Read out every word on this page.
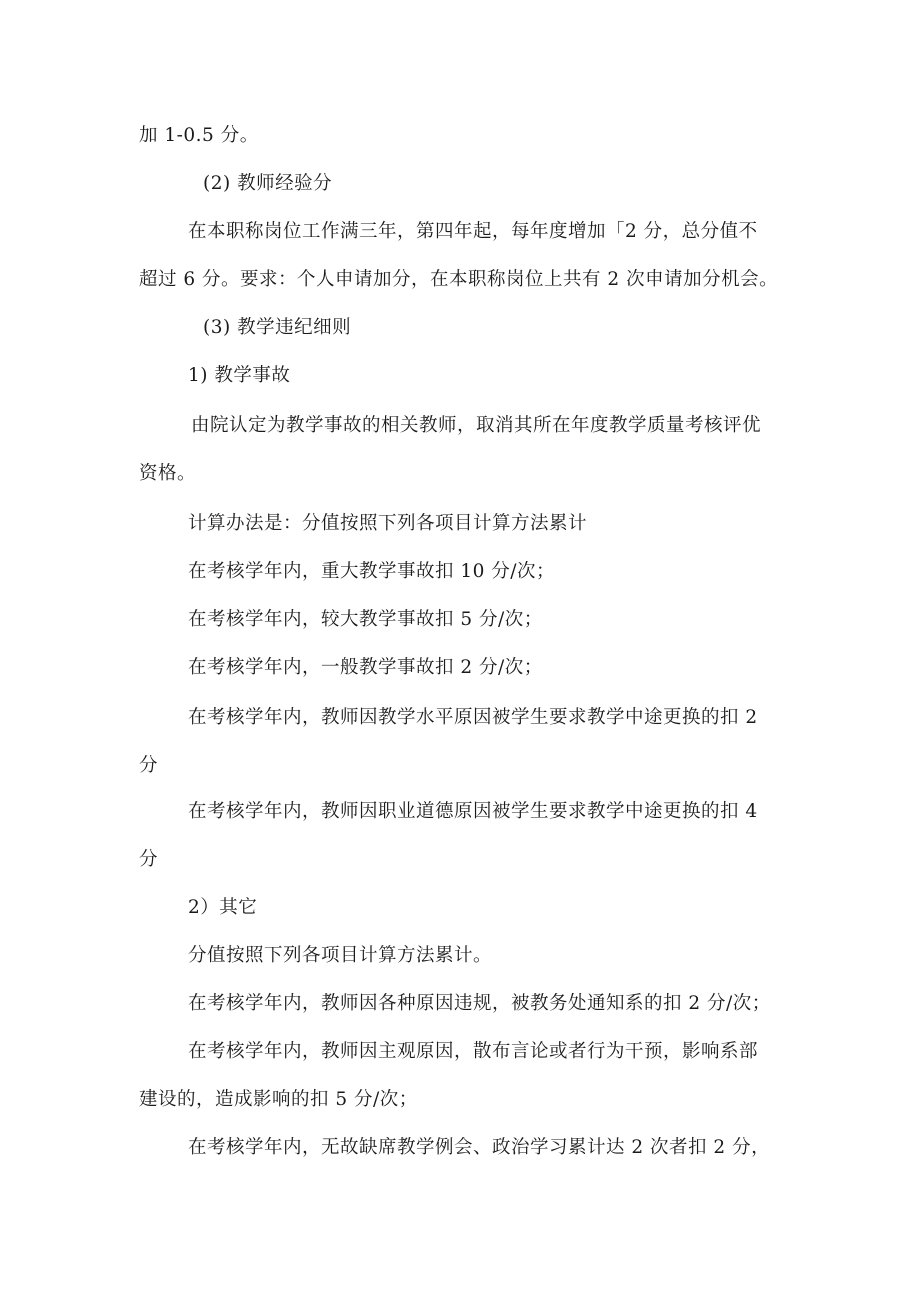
加 1-0.5 分。
(2) 教师经验分
在本职称岗位工作满三年，第四年起，每年度增加「2 分，总分值不
超过 6 分。要求：个人申请加分，在本职称岗位上共有 2 次申请加分机会。
(3) 教学违纪细则
1) 教学事故
由院认定为教学事故的相关教师，取消其所在年度教学质量考核评优
资格。
计算办法是：分值按照下列各项目计算方法累计
在考核学年内，重大教学事故扣 10 分/次；
在考核学年内，较大教学事故扣 5 分/次；
在考核学年内，一般教学事故扣 2 分/次；
在考核学年内，教师因教学水平原因被学生要求教学中途更换的扣 2
分
在考核学年内，教师因职业道德原因被学生要求教学中途更换的扣 4
分
2）其它
分值按照下列各项目计算方法累计。
在考核学年内，教师因各种原因违规，被教务处通知系的扣 2 分/次；
在考核学年内，教师因主观原因，散布言论或者行为干预，影响系部
建设的，造成影响的扣 5 分/次；
在考核学年内，无故缺席教学例会、政治学习累计达 2 次者扣 2 分，
